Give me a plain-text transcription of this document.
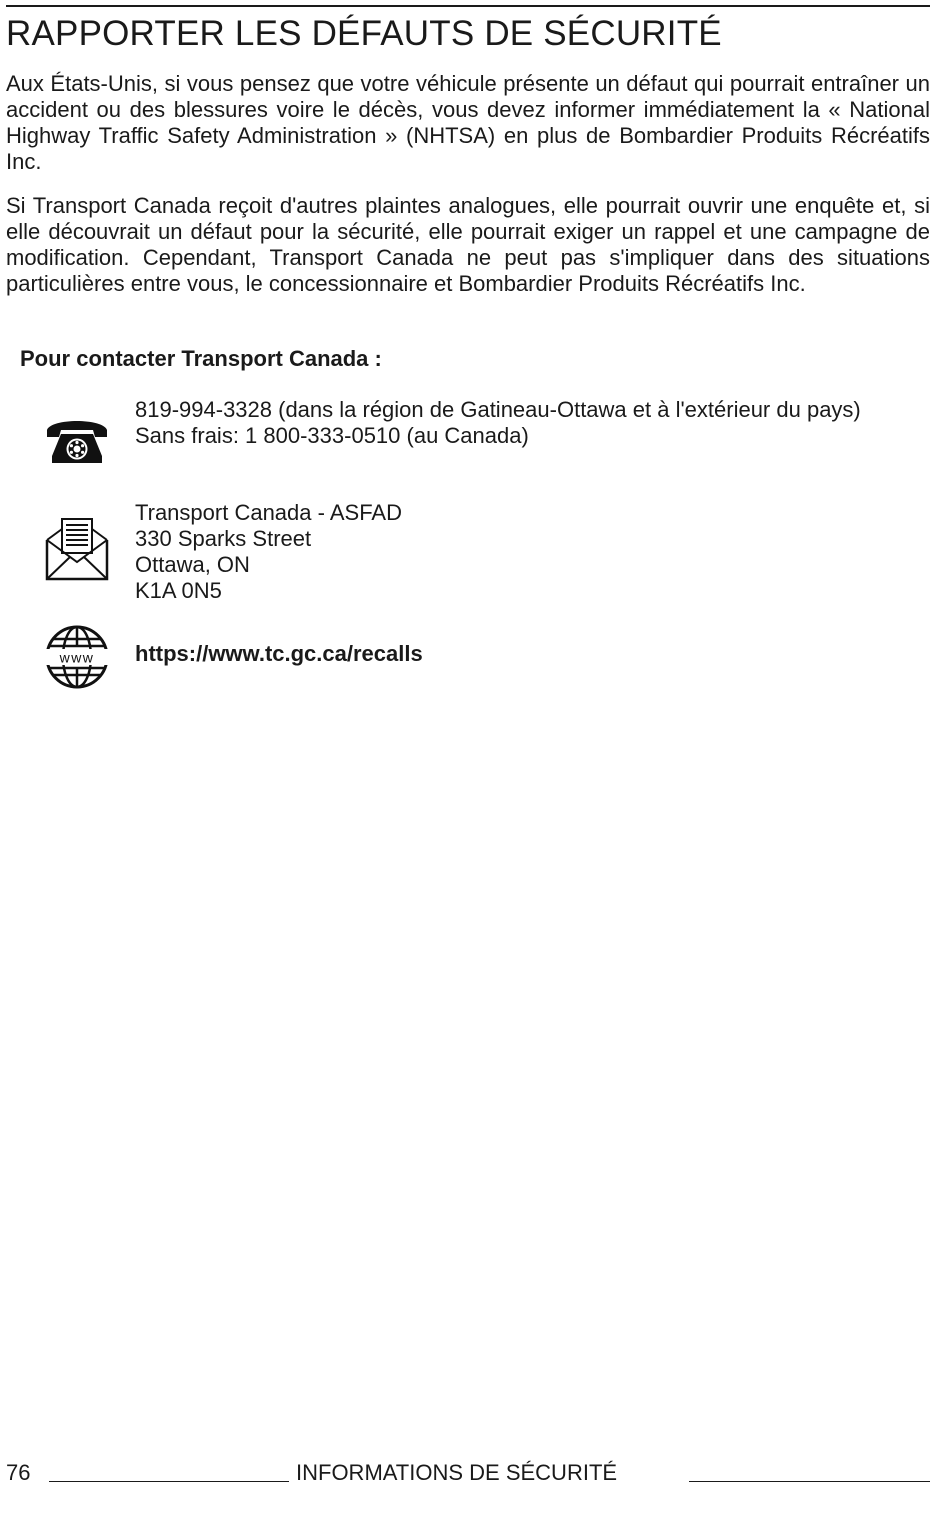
RAPPORTER LES DÉFAUTS DE SÉCURITÉ

Aux États-Unis, si vous pensez que votre véhicule présente un défaut qui pourrait entraîner un accident ou des blessures voire le décès, vous devez informer immédiatement la « National Highway Traffic Safety Administration » (NHTSA) en plus de Bombardier Produits Récréatifs Inc.

Si Transport Canada reçoit d'autres plaintes analogues, elle pourrait ouvrir une enquête et, si elle découvrait un défaut pour la sécurité, elle pourrait exiger un rappel et une campagne de modification. Cependant, Transport Canada ne peut pas s'impliquer dans des situations particulières entre vous, le concessionnaire et Bombardier Produits Récréatifs Inc.

Pour contacter Transport Canada :

819-994-3328 (dans la région de Gatineau-Ottawa et à l'extérieur du pays)
Sans frais: 1 800-333-0510 (au Canada)
Transport Canada - ASFAD
330 Sparks Street
Ottawa, ON
K1A 0N5
www https://www.tc.gc.ca/recalls
76	INFORMATIONS DE SÉCURITÉ
